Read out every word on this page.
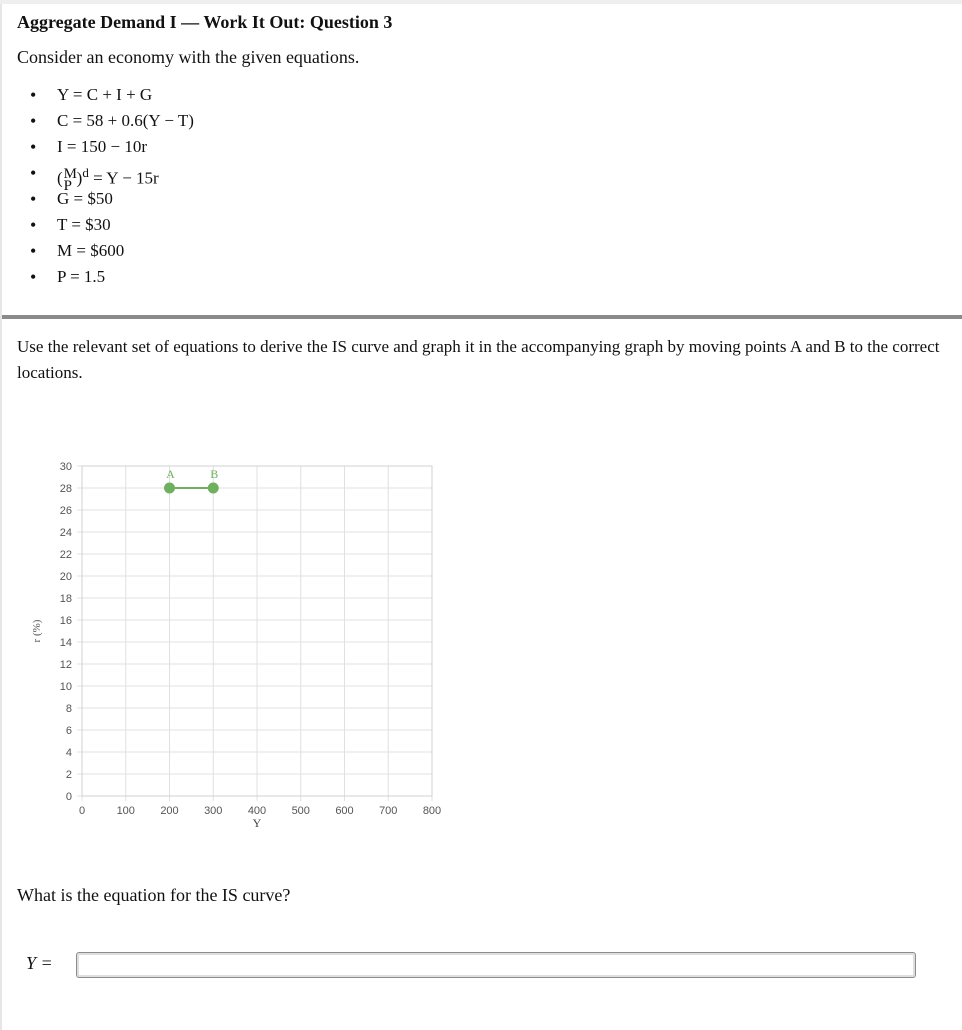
Aggregate Demand I — Work It Out: Question 3
Consider an economy with the given equations.
• Y = C + I + G
• C = 58 + 0.6(Y − T)
• I = 150 − 10r
• ( M
P )$^d$ = Y − 15r
• G = $50
• T = $30
• M = $600
• P = 1.5
Use the relevant set of equations to derive the IS curve and graph it in the accompanying graph by moving points A and B to the correct locations.
0	100 200 300 400 500 600 700 800
0
2
4
6
8
10
12
14
16
18
20
22
24
26
28
30
r (%)
Y
A	B
What is the equation for the IS curve?
Y =
